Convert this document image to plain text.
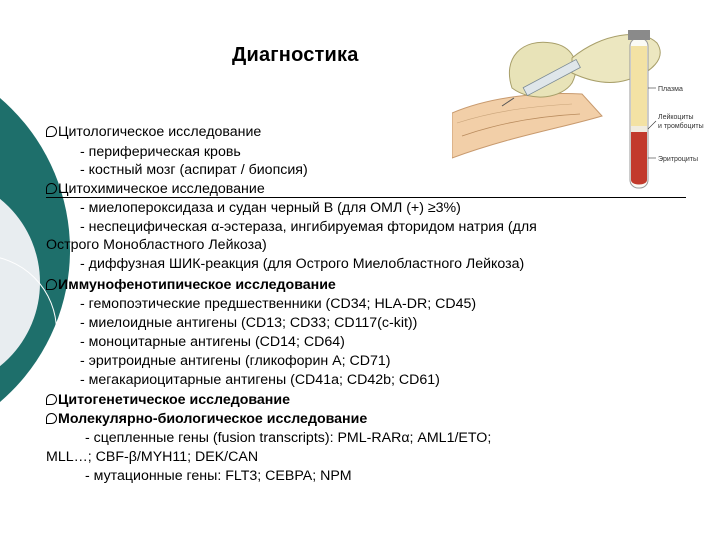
Диагностика
Плазма
Лейкоциты и тромбоциты
Эритроциты
Цитологическое исследование
- периферическая кровь
- костный мозг (аспират / биопсия)
Цитохимическое исследование
- миелопероксидаза и судан черный В (для ОМЛ (+) ≥3%)
- неспецифическая α-эстераза, ингибируемая фторидом натрия (для
Острого Монобластного Лейкоза)
- диффузная ШИК-реакция (для Острого Миелобластного Лейкоза)
Иммунофенотипическое исследование
- гемопоэтические предшественники (CD34; HLA-DR; CD45)
- миелоидные антигены (CD13; CD33; CD117(c-kit))
- моноцитарные антигены (CD14; CD64)
- эритроидные антигены (гликофорин А; CD71)
- мегакариоцитарные антигены (CD41a; CD42b; CD61)
Цитогенетическое исследование
Молекулярно-биологическое исследование
- сцепленные гены (fusion transcripts): PML-RARα; AML1/ETO;
MLL…; CBF-β/MYH11; DEK/CAN
- мутационные гены: FLT3; CEBPA; NPM
